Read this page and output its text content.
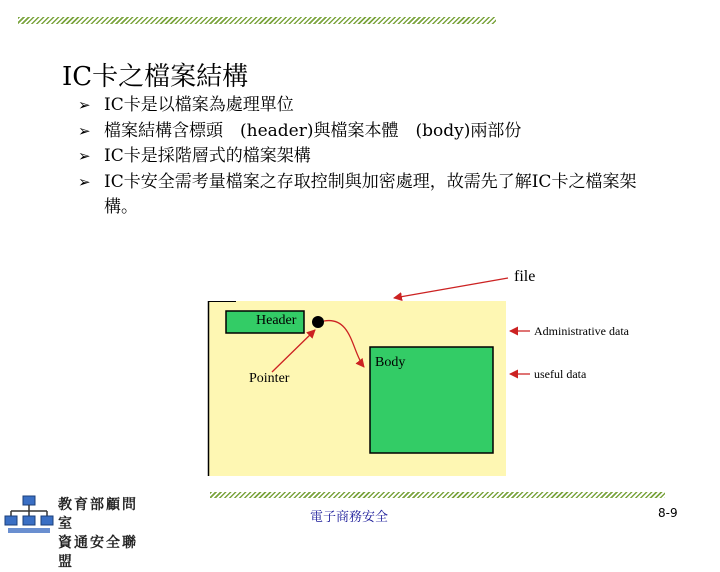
IC卡之檔案結構
➢ IC卡是以檔案為處理單位
➢ 檔案結構含標頭　(header)與檔案本體　(body)兩部份
➢ IC卡是採階層式的檔案架構
➢ IC卡安全需考量檔案之存取控制與加密處理，故需先了解IC卡之檔案架構。
Header
Body
Pointer
file
Administrative data
useful data
教育部顧問室
資通安全聯盟
電子商務安全	8-9
